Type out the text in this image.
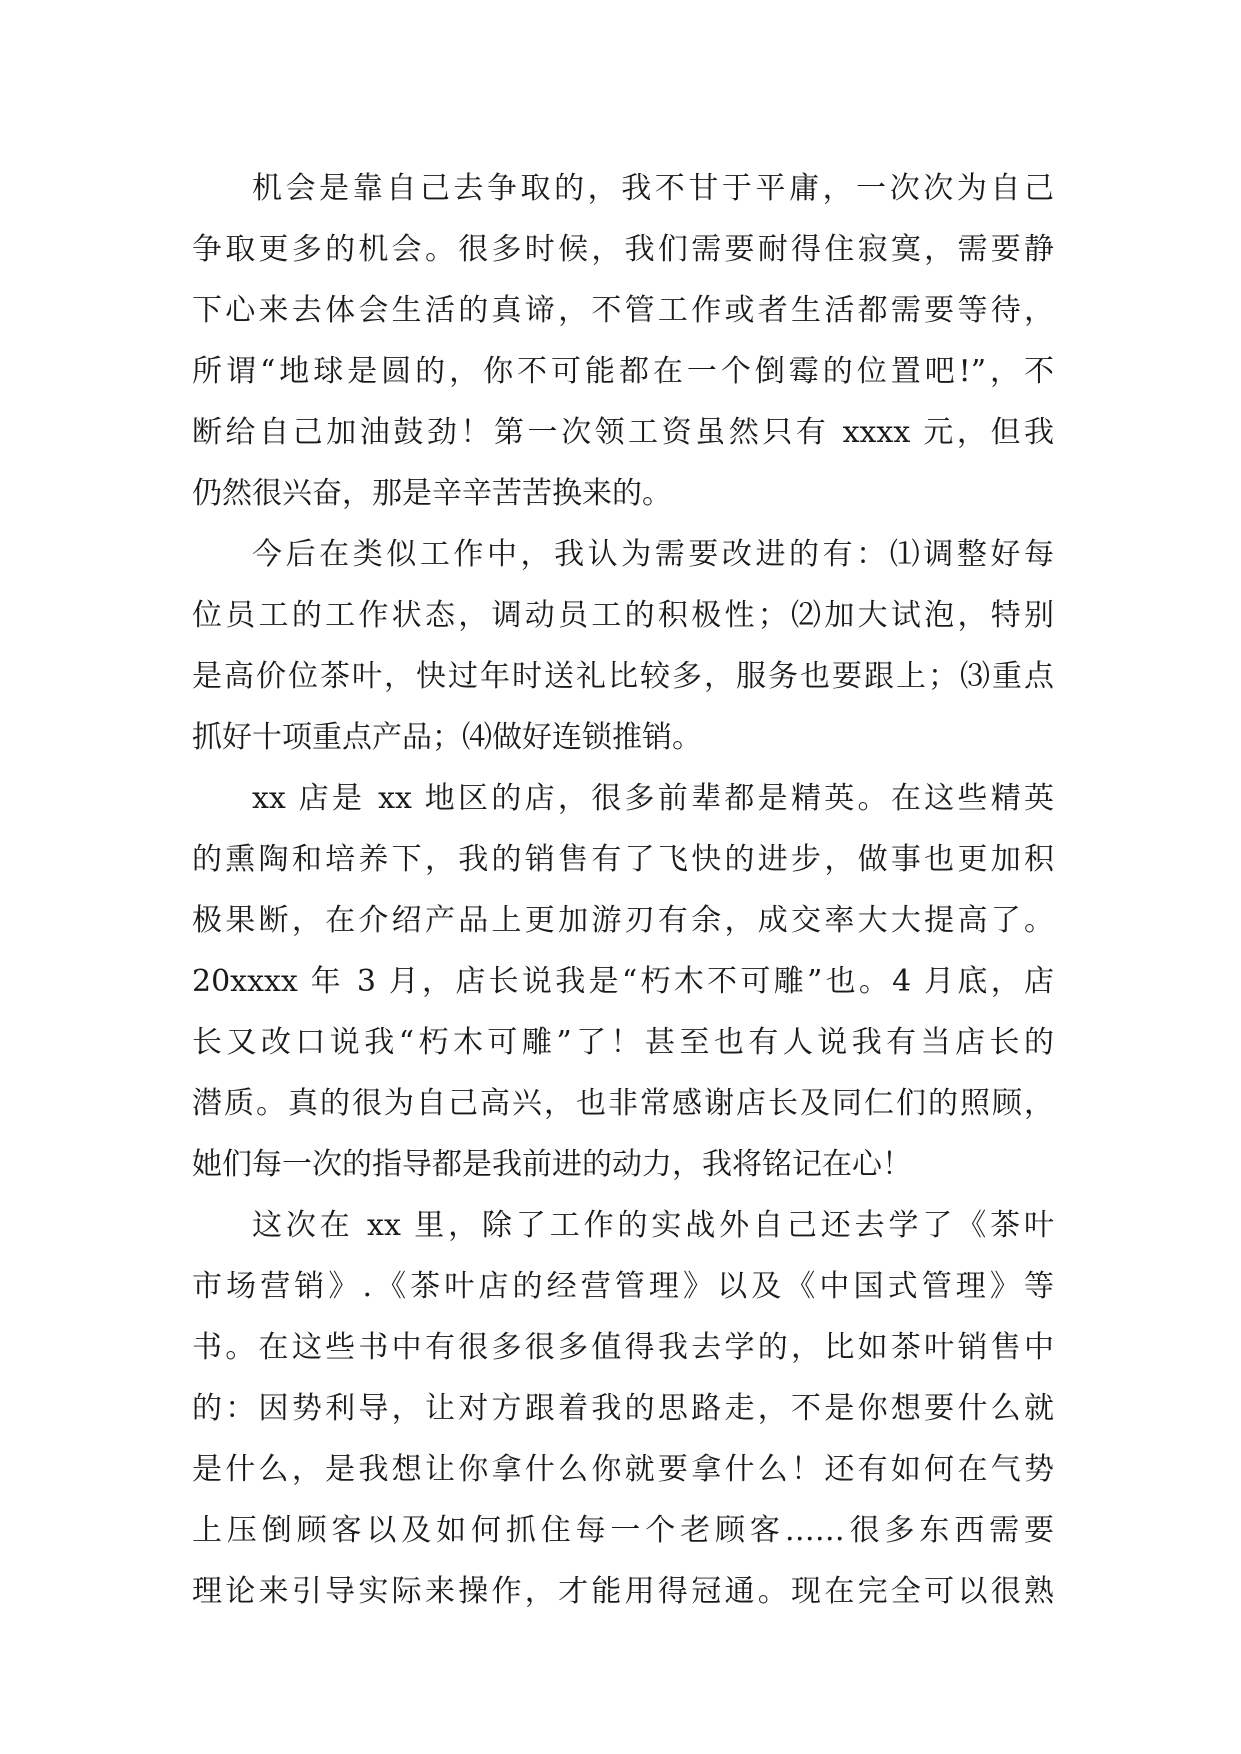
机会是靠自己去争取的，我不甘于平庸，一次次为自己
争取更多的机会。很多时候，我们需要耐得住寂寞，需要静
下心来去体会生活的真谛，不管工作或者生活都需要等待，
所谓“地球是圆的，你不可能都在一个倒霉的位置吧!”，不
断给自己加油鼓劲！第一次领工资虽然只有 xxxx 元，但我
仍然很兴奋，那是辛辛苦苦换来的。
今后在类似工作中，我认为需要改进的有：⑴调整好每
位员工的工作状态，调动员工的积极性；⑵加大试泡，特别
是高价位茶叶，快过年时送礼比较多，服务也要跟上；⑶重点
抓好十项重点产品；⑷做好连锁推销。
xx 店是 xx 地区的店，很多前辈都是精英。在这些精英
的熏陶和培养下，我的销售有了飞快的进步，做事也更加积
极果断，在介绍产品上更加游刃有余，成交率大大提高了。
20xxxx 年 3 月，店长说我是“朽木不可雕”也。4 月底，店
长又改口说我“朽木可雕”了！甚至也有人说我有当店长的
潜质。真的很为自己高兴，也非常感谢店长及同仁们的照顾，
她们每一次的指导都是我前进的动力，我将铭记在心！
这次在 xx 里，除了工作的实战外自己还去学了《茶叶
市场营销》.《茶叶店的经营管理》以及《中国式管理》等
书。在这些书中有很多很多值得我去学的，比如茶叶销售中
的：因势利导，让对方跟着我的思路走，不是你想要什么就
是什么，是我想让你拿什么你就要拿什么！还有如何在气势
上压倒顾客以及如何抓住每一个老顾客……很多东西需要
理论来引导实际来操作，才能用得冠通。现在完全可以很熟
